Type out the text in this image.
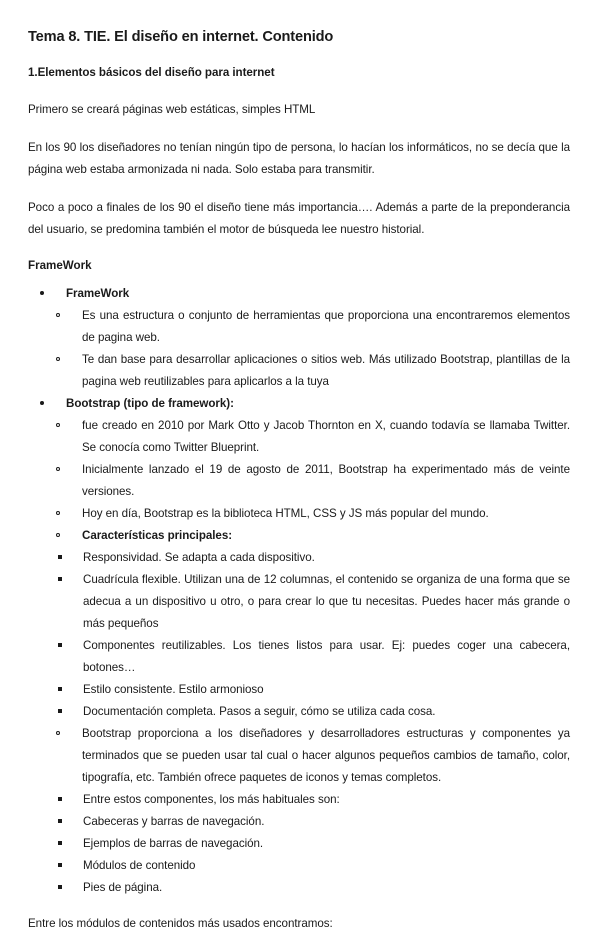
Tema 8. TIE. El diseño en internet. Contenido
1.Elementos básicos del diseño para internet

Primero se creará páginas web estáticas, simples HTML

En los 90 los diseñadores no tenían ningún tipo de persona, lo hacían los informáticos, no se decía que la página web estaba armonizada ni nada. Solo estaba para transmitir.

Poco a poco a finales de los 90 el diseño tiene más importancia…. Además a parte de la preponderancia del usuario, se predomina también el motor de búsqueda lee nuestro historial.

FrameWork
FrameWork
Es una estructura o conjunto de herramientas que proporciona una encontraremos elementos de pagina web.
Te dan base para desarrollar aplicaciones o sitios web. Más utilizado Bootstrap, plantillas de la pagina web reutilizables para aplicarlos a la tuya
Bootstrap (tipo de framework):
fue creado en 2010 por Mark Otto y Jacob Thornton en X, cuando todavía se llamaba Twitter. Se conocía como Twitter Blueprint.
Inicialmente lanzado el 19 de agosto de 2011, Bootstrap ha experimentado más de veinte versiones.
Hoy en día, Bootstrap es la biblioteca HTML, CSS y JS más popular del mundo.
Características principales:
Responsividad. Se adapta a cada dispositivo.
Cuadrícula flexible. Utilizan una de 12 columnas, el contenido se organiza de una forma que se adecua a un dispositivo u otro, o para crear lo que tu necesitas. Puedes hacer más grande o más pequeños
Componentes reutilizables. Los tienes listos para usar. Ej: puedes coger una cabecera, botones…
Estilo consistente. Estilo armonioso
Documentación completa. Pasos a seguir, cómo se utiliza cada cosa.
Bootstrap proporciona a los diseñadores y desarrolladores estructuras y componentes ya terminados que se pueden usar tal cual o hacer algunos pequeños cambios de tamaño, color, tipografía, etc. También ofrece paquetes de iconos y temas completos.
Entre estos componentes, los más habituales son:
Cabeceras y barras de navegación.
Ejemplos de barras de navegación.
Módulos de contenido
Pies de página.

Entre los módulos de contenidos más usados encontramos:
